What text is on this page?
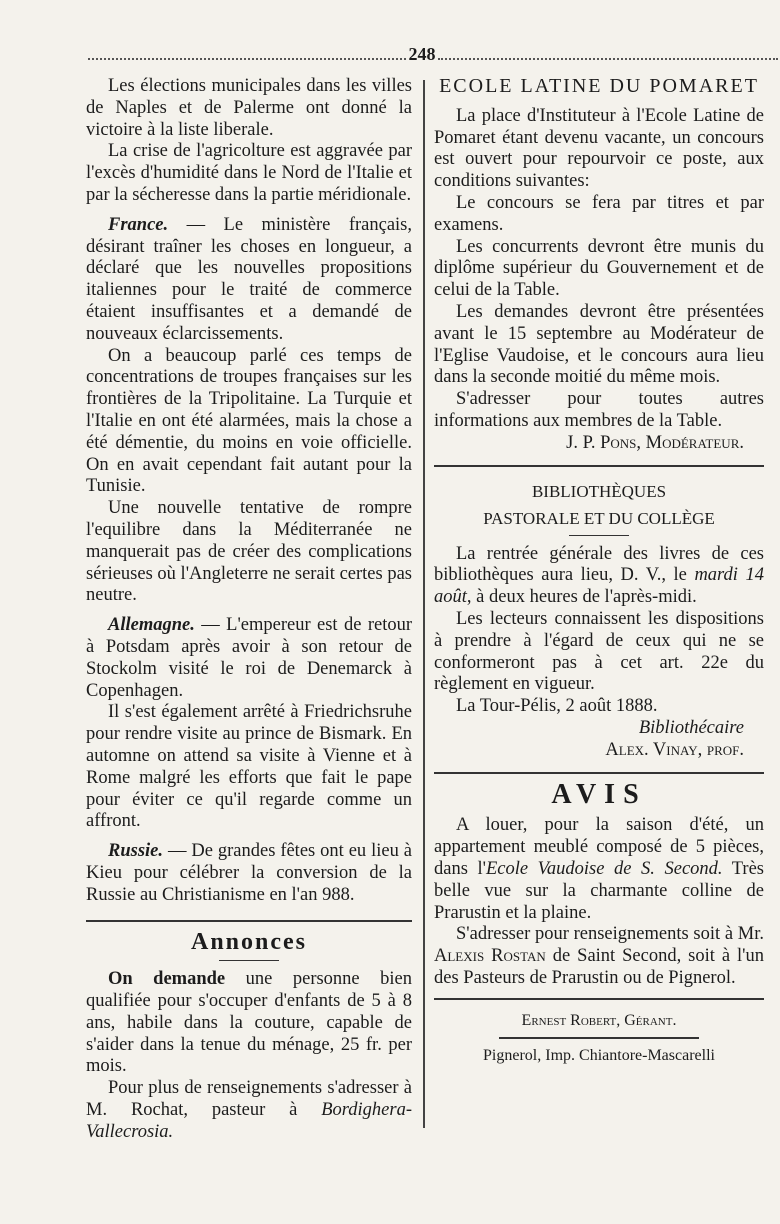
248

Les élections municipales dans les villes de Naples et de Palerme ont donné la victoire à la liste liberale.

La crise de l'agricolture est aggravée par l'excès d'humidité dans le Nord de l'Italie et par la sécheresse dans la partie méridionale.

France. — Le ministère français, désirant traîner les choses en longueur, a déclaré que les nouvelles propositions italiennes pour le traité de commerce étaient insuffisantes et a demandé de nouveaux éclarcissements.

On a beaucoup parlé ces temps de concentrations de troupes françaises sur les frontières de la Tripolitaine. La Turquie et l'Italie en ont été alarmées, mais la chose a été démentie, du moins en voie officielle. On en avait cependant fait autant pour la Tunisie.

Une nouvelle tentative de rompre l'equilibre dans la Méditerranée ne manquerait pas de créer des complications sérieuses où l'Angleterre ne serait certes pas neutre.

Allemagne. — L'empereur est de retour à Potsdam après avoir à son retour de Stockolm visité le roi de Denemarck à Copenhagen.

Il s'est également arrêté à Friedrichsruhe pour rendre visite au prince de Bismark. En automne on attend sa visite à Vienne et à Rome malgré les efforts que fait le pape pour éviter ce qu'il regarde comme un affront.

Russie. — De grandes fêtes ont eu lieu à Kieu pour célébrer la conversion de la Russie au Christianisme en l'an 988.

Annonces

On demande une personne bien qualifiée pour s'occuper d'enfants de 5 à 8 ans, habile dans la couture, capable de s'aider dans la tenue du ménage, 25 fr. per mois.

Pour plus de renseignements s'adresser à M. Rochat, pasteur à Bordighera-Vallecrosia.

ECOLE LATINE DU POMARET

La place d'Instituteur à l'Ecole Latine de Pomaret étant devenu vacante, un concours est ouvert pour repourvoir ce poste, aux conditions suivantes:

Le concours se fera par titres et par examens.

Les concurrents devront être munis du diplôme supérieur du Gouvernement et de celui de la Table.

Les demandes devront être présentées avant le 15 septembre au Modérateur de l'Eglise Vaudoise, et le concours aura lieu dans la seconde moitié du même mois.

S'adresser pour toutes autres informations aux membres de la Table.

J. P. Pons, Modérateur.

BIBLIOTHÈQUES
PASTORALE ET DU COLLÈGE

La rentrée générale des livres de ces bibliothèques aura lieu, D. V., le mardi 14 août, à deux heures de l'après-midi.

Les lecteurs connaissent les dispositions à prendre à l'égard de ceux qui ne se conformeront pas à cet art. 22e du règlement en vigueur.

La Tour-Pélis, 2 août 1888.

Bibliothécaire

Alex. Vinay, prof.

AVIS

A louer, pour la saison d'été, un appartement meublé composé de 5 pièces, dans l'Ecole Vaudoise de S. Second. Très belle vue sur la charmante colline de Prarustin et la plaine.

S'adresser pour renseignements soit à Mr. Alexis Rostan de Saint Second, soit à l'un des Pasteurs de Prarustin ou de Pignerol.

Ernest Robert, Gérant.

Pignerol, Imp. Chiantore-Mascarelli
